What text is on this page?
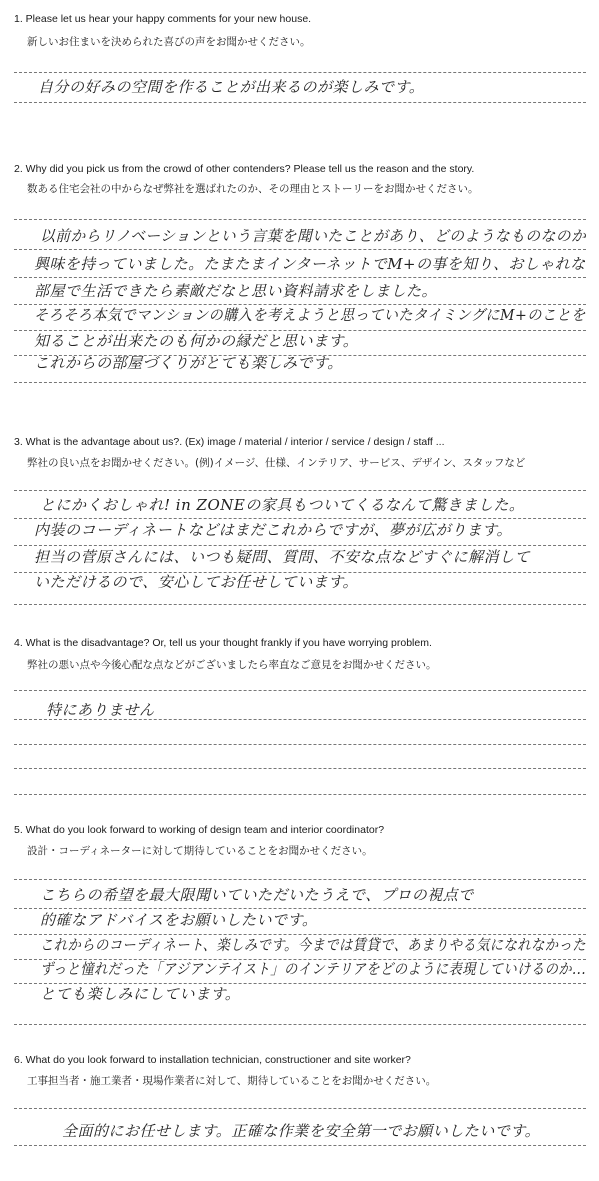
1. Please let us hear your happy comments for your new house.
新しいお住まいを決められた喜びの声をお聞かせください。
自分の好みの空間を作ることが出来るのが楽しみです。
2. Why did you pick us from the crowd of other contenders? Please tell us the reason and the story.
数ある住宅会社の中からなぜ弊社を選ばれたのか、その理由とストーリーをお聞かせください。
以前からリノベーションという言葉を聞いたことがあり、どのようなものなのか
興味を持っていました。たまたまインターネットでM+の事を知り、おしゃれな
部屋で生活できたら素敵だなと思い資料請求をしました。
そろそろ本気でマンションの購入を考えようと思っていたタイミングにM+のことを
知ることが出来たのも何かの縁だと思います。
これからの部屋づくりがとても楽しみです。
3. What is the advantage about us?. (Ex) image / material / interior / service / design / staff ...
弊社の良い点をお聞かせください。(例)イメージ、仕様、インテリア、サービス、デザイン、スタッフなど
とにかくおしゃれ! in ZONEの家具もついてくるなんて驚きました。
内装のコーディネートなどはまだこれからですが、夢が広がります。
担当の菅原さんには、いつも疑問、質問、不安な点などすぐに解消して
いただけるので、安心してお任せしています。
4. What is the disadvantage? Or, tell us your thought frankly if you have worrying problem.
弊社の悪い点や今後心配な点などがございましたら率直なご意見をお聞かせください。
特にありません
5. What do you look forward to working of design team and interior coordinator?
設計・コーディネーターに対して期待していることをお聞かせください。
こちらの希望を最大限聞いていただいたうえで、プロの視点で
的確なアドバイスをお願いしたいです。
これからのコーディネート、楽しみです。今までは賃貸で、あまりやる気になれなかった
ずっと憧れだった「アジアンテイスト」のインテリアをどのように表現していけるのか...
とても楽しみにしています。
6. What do you look forward to installation technician, constructioner and site worker?
工事担当者・施工業者・現場作業者に対して、期待していることをお聞かせください。
全面的にお任せします。正確な作業を安全第一でお願いしたいです。
